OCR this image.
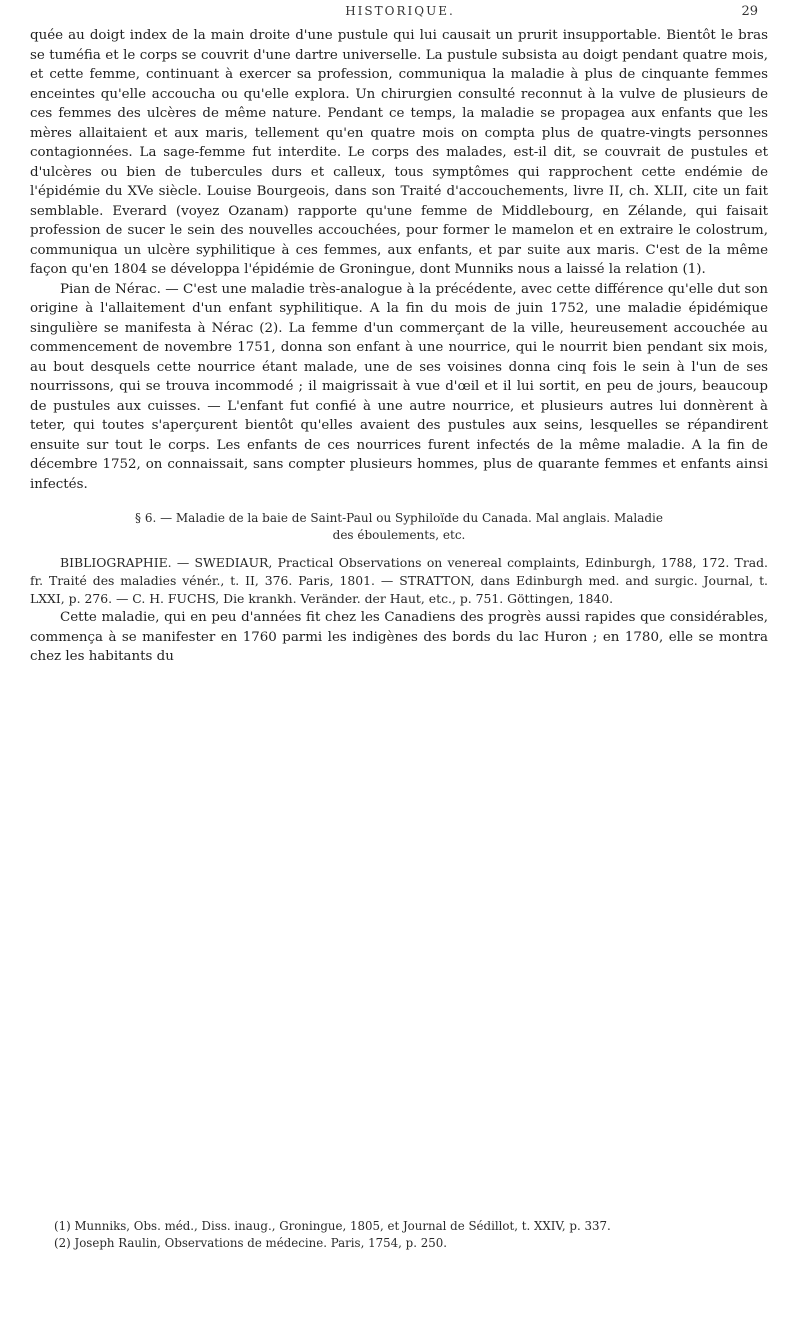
HISTORIQUE.	29

quée au doigt index de la main droite d'une pustule qui lui causait un prurit insupportable. Bientôt le bras se tuméfia et le corps se couvrit d'une dartre universelle. La pustule subsista au doigt pendant quatre mois, et cette femme, continuant à exercer sa profession, communiqua la maladie à plus de cinquante femmes enceintes qu'elle accoucha ou qu'elle explora. Un chirurgien consulté reconnut à la vulve de plusieurs de ces femmes des ulcères de même nature. Pendant ce temps, la maladie se propagea aux enfants que les mères allaitaient et aux maris, tellement qu'en quatre mois on compta plus de quatre-vingts personnes contagionnées. La sage-femme fut interdite. Le corps des malades, est-il dit, se couvrait de pustules et d'ulcères ou bien de tubercules durs et calleux, tous symptômes qui rapprochent cette endémie de l'épidémie du XVe siècle. Louise Bourgeois, dans son Traité d'accouchements, livre II, ch. XLII, cite un fait semblable. Everard (voyez Ozanam) rapporte qu'une femme de Middlebourg, en Zélande, qui faisait profession de sucer le sein des nouvelles accouchées, pour former le mamelon et en extraire le colostrum, communiqua un ulcère syphilitique à ces femmes, aux enfants, et par suite aux maris. C'est de la même façon qu'en 1804 se développa l'épidémie de Groningue, dont Munniks nous a laissé la relation (1).

Pian de Nérac. — C'est une maladie très-analogue à la précédente, avec cette différence qu'elle dut son origine à l'allaitement d'un enfant syphilitique. A la fin du mois de juin 1752, une maladie épidémique singulière se manifesta à Nérac (2). La femme d'un commerçant de la ville, heureusement accouchée au commencement de novembre 1751, donna son enfant à une nourrice, qui le nourrit bien pendant six mois, au bout desquels cette nourrice étant malade, une de ses voisines donna cinq fois le sein à l'un de ses nourrissons, qui se trouva incommodé ; il maigrissait à vue d'œil et il lui sortit, en peu de jours, beaucoup de pustules aux cuisses. — L'enfant fut confié à une autre nourrice, et plusieurs autres lui donnèrent à teter, qui toutes s'aperçurent bientôt qu'elles avaient des pustules aux seins, lesquelles se répandirent ensuite sur tout le corps. Les enfants de ces nourrices furent infectés de la même maladie. A la fin de décembre 1752, on connaissait, sans compter plusieurs hommes, plus de quarante femmes et enfants ainsi infectés.

§ 6. — Maladie de la baie de Saint-Paul ou Syphiloïde du Canada. Mal anglais. Maladie
des éboulements, etc.

BIBLIOGRAPHIE. — SWEDIAUR, Practical Observations on venereal complaints, Edinburgh, 1788, 172. Trad. fr. Traité des maladies vénér., t. II, 376. Paris, 1801. — STRATTON, dans Edinburgh med. and surgic. Journal, t. LXXI, p. 276. — C. H. FUCHS, Die krankh. Veränder. der Haut, etc., p. 751. Göttingen, 1840.

Cette maladie, qui en peu d'années fit chez les Canadiens des progrès aussi rapides que considérables, commença à se manifester en 1760 parmi les indigènes des bords du lac Huron ; en 1780, elle se montra chez les habitants du

(1) Munniks, Obs. méd., Diss. inaug., Groningue, 1805, et Journal de Sédillot, t. XXIV, p. 337.

(2) Joseph Raulin, Observations de médecine. Paris, 1754, p. 250.
